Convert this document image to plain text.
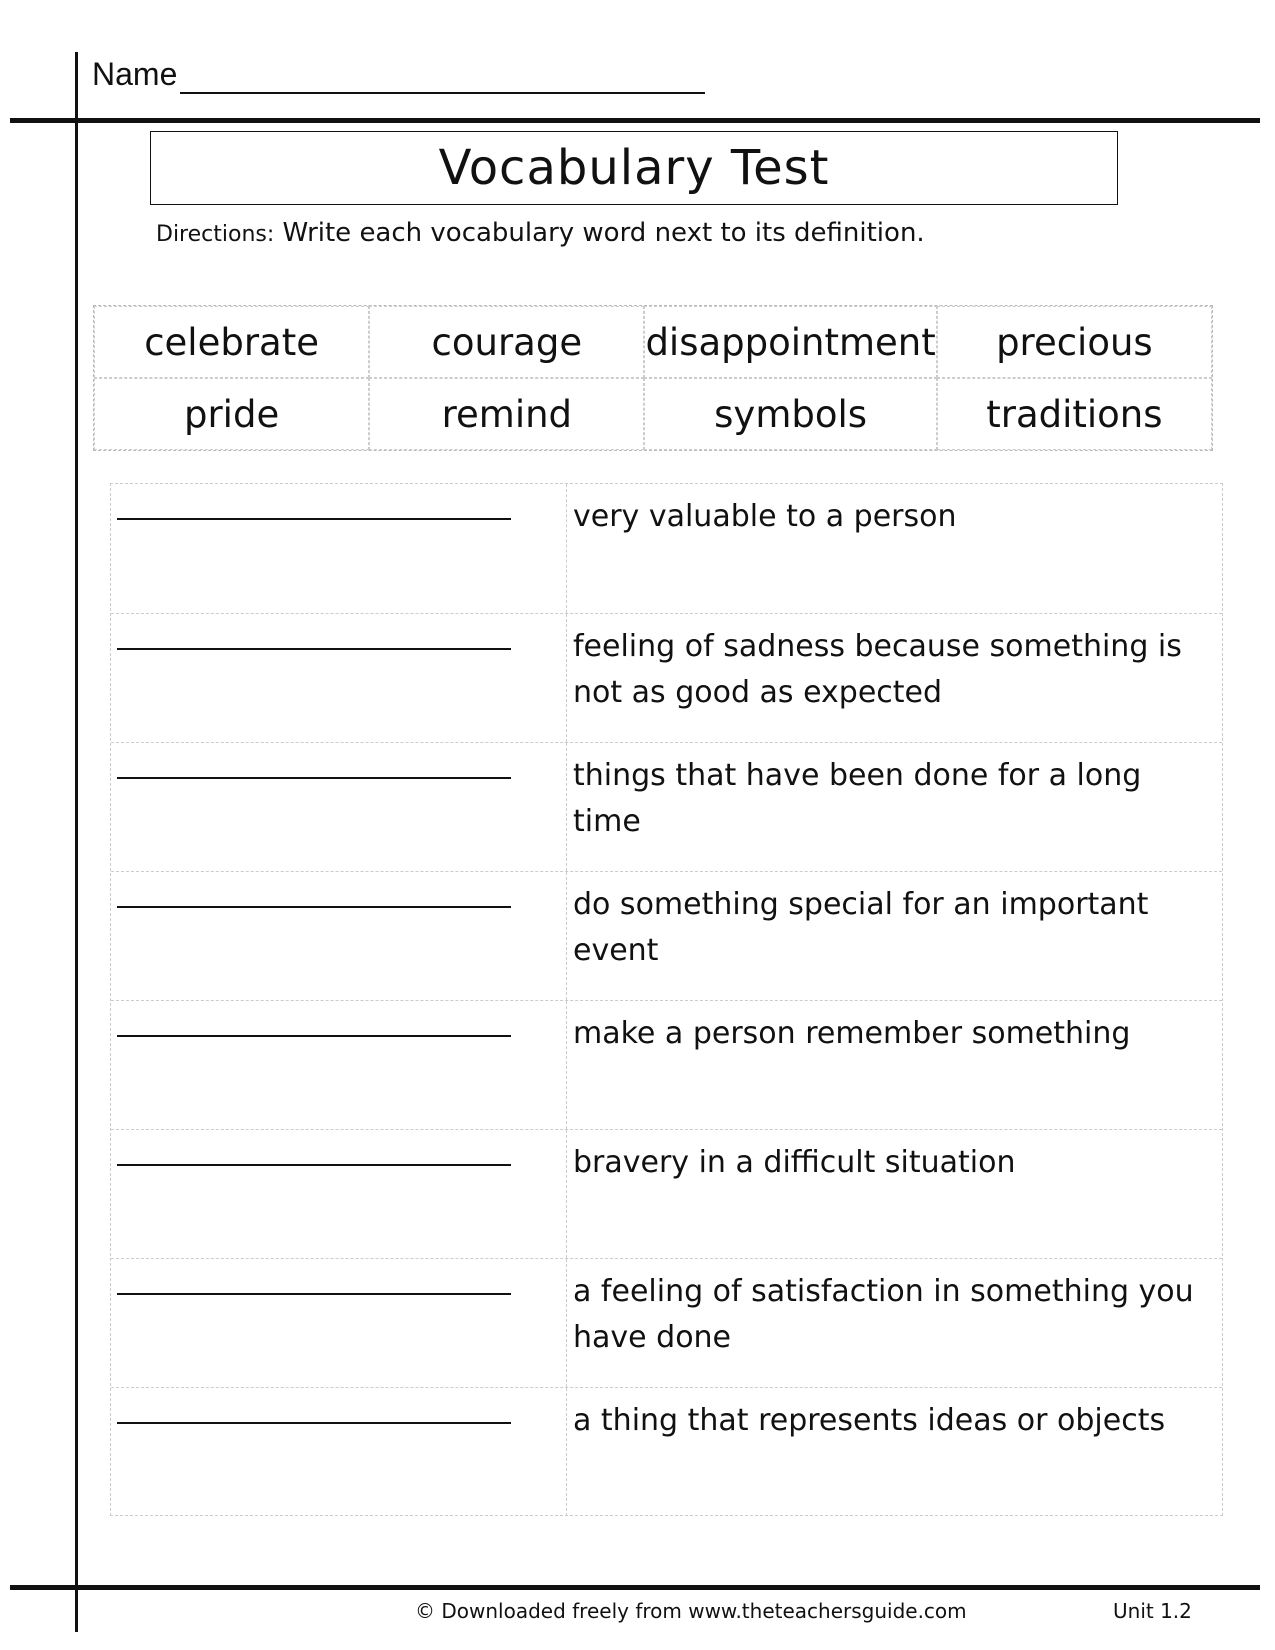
Name
Vocabulary Test
Directions: Write each vocabulary word next to its definition.
celebrate	courage	disappointment	precious
pride	remind	symbols	traditions
very valuable to a person
feeling of sadness because something is not as good as expected
things that have been done for a long time
do something special for an important event
make a person remember something
bravery in a difficult situation
a feeling of satisfaction in something you have done
a thing that represents ideas or objects
© Downloaded freely from www.theteachersguide.com	Unit 1.2
